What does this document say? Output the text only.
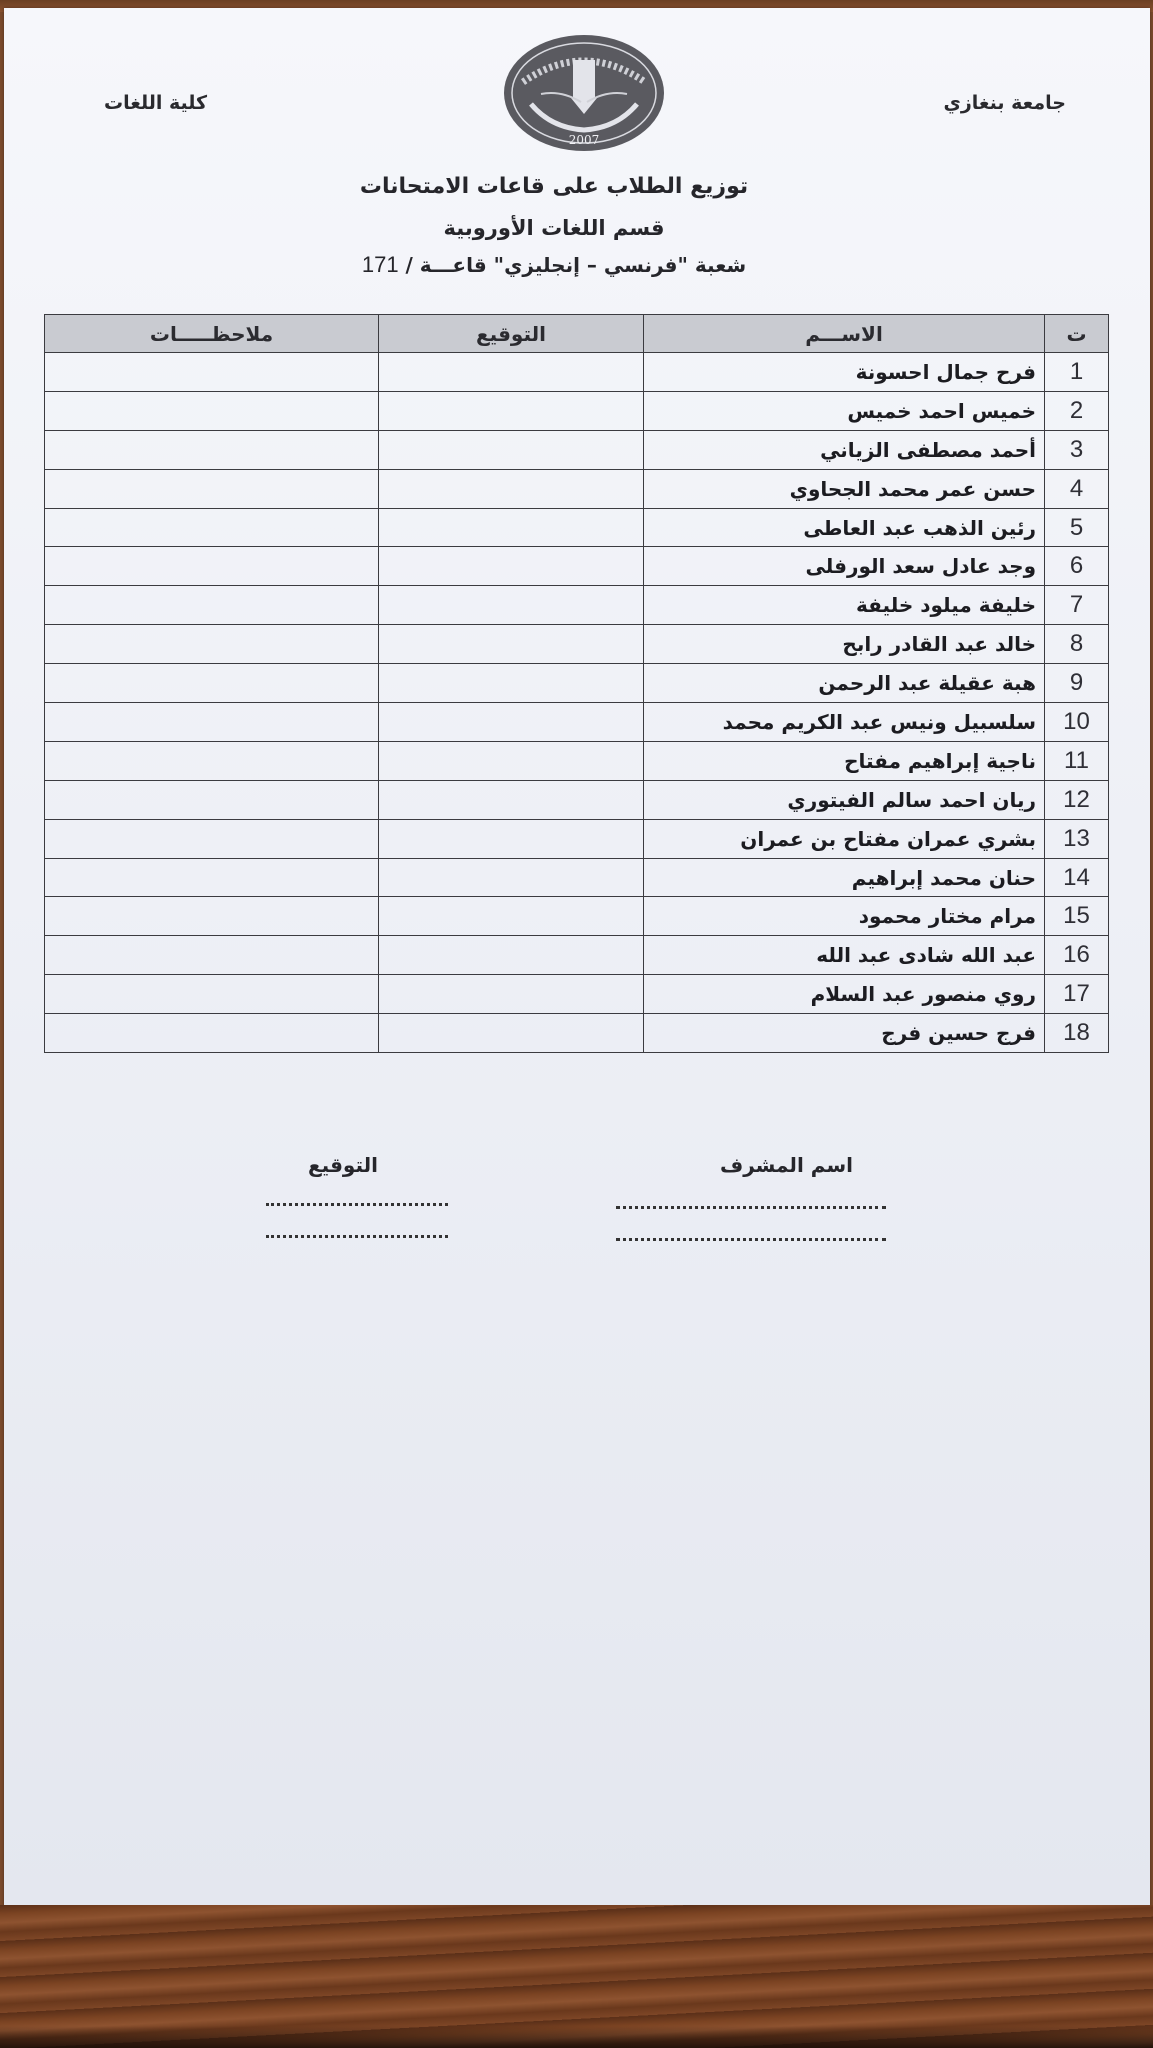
جامعة بنغازي
كلية اللغات
2007
توزيع الطلاب على قاعات الامتحانات
قسم اللغات الأوروبية
شعبة "فرنسي – إنجليزي" قاعـــة / 171
ت	الاســـم	التوقيع	ملاحظـــــات
1	فرح جمال احسونة		
2	خميس احمد خميس		
3	أحمد مصطفى الزياني		
4	حسن عمر محمد الجحاوي		
5	رئين الذهب عبد العاطى		
6	وجد عادل سعد الورفلى		
7	خليفة ميلود خليفة		
8	خالد عبد القادر رابح		
9	هبة عقيلة عبد الرحمن		
10	سلسبيل ونيس عبد الكريم محمد		
11	ناجية إبراهيم مفتاح		
12	ريان احمد سالم الفيتوري		
13	بشري عمران مفتاح بن عمران		
14	حنان محمد إبراهيم		
15	مرام مختار محمود		
16	عبد الله شادى عبد الله		
17	روي منصور عبد السلام		
18	فرج حسين فرج		
اسم المشرف
التوقيع
